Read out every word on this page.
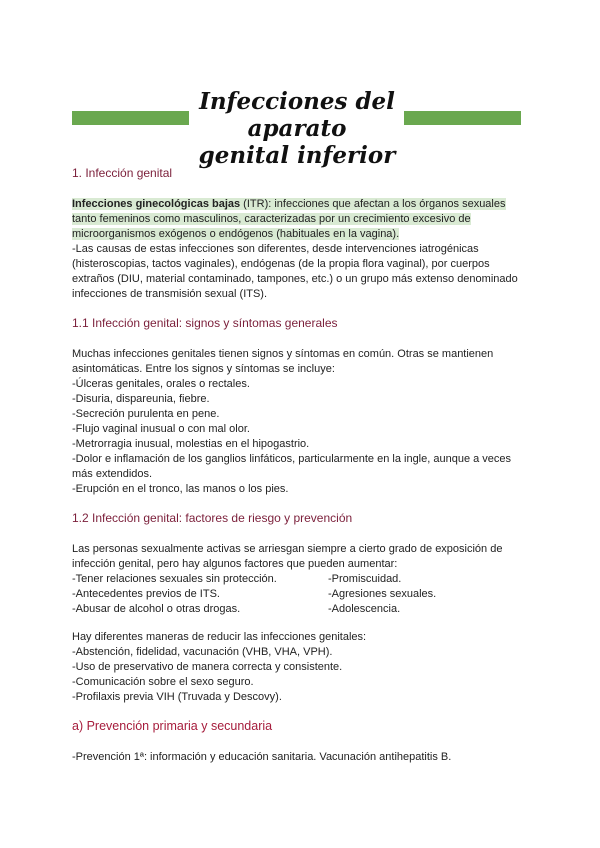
Infecciones del aparato
genital inferior

1. Infección genital

Infecciones ginecológicas bajas (ITR): infecciones que afectan a los órganos sexuales

tanto femeninos como masculinos, caracterizadas por un crecimiento excesivo de

microorganismos exógenos o endógenos (habituales en la vagina).

-Las causas de estas infecciones son diferentes, desde intervenciones iatrogénicas

(histeroscopias, tactos vaginales), endógenas (de la propia flora vaginal), por cuerpos

extraños (DIU, material contaminado, tampones, etc.) o un grupo más extenso denominado

infecciones de transmisión sexual (ITS).

1.1 Infección genital: signos y síntomas generales

Muchas infecciones genitales tienen signos y síntomas en común. Otras se mantienen

asintomáticas. Entre los signos y síntomas se incluye:

-Úlceras genitales, orales o rectales.

-Disuria, dispareunia, fiebre.

-Secreción purulenta en pene.

-Flujo vaginal inusual o con mal olor.

-Metrorragia inusual, molestias en el hipogastrio.

-Dolor e inflamación de los ganglios linfáticos, particularmente en la ingle, aunque a veces

más extendidos.

-Erupción en el tronco, las manos o los pies.

1.2 Infección genital: factores de riesgo y prevención

Las personas sexualmente activas se arriesgan siempre a cierto grado de exposición de

infección genital, pero hay algunos factores que pueden aumentar:

-Tener relaciones sexuales sin protección.	-Promiscuidad.

-Antecedentes previos de ITS.	-Agresiones sexuales.

-Abusar de alcohol o otras drogas.	-Adolescencia.

Hay diferentes maneras de reducir las infecciones genitales:

-Abstención, fidelidad, vacunación (VHB, VHA, VPH).

-Uso de preservativo de manera correcta y consistente.

-Comunicación sobre el sexo seguro.

-Profilaxis previa VIH (Truvada y Descovy).

a) Prevención primaria y secundaria

-Prevención 1ª: información y educación sanitaria. Vacunación antihepatitis B.
